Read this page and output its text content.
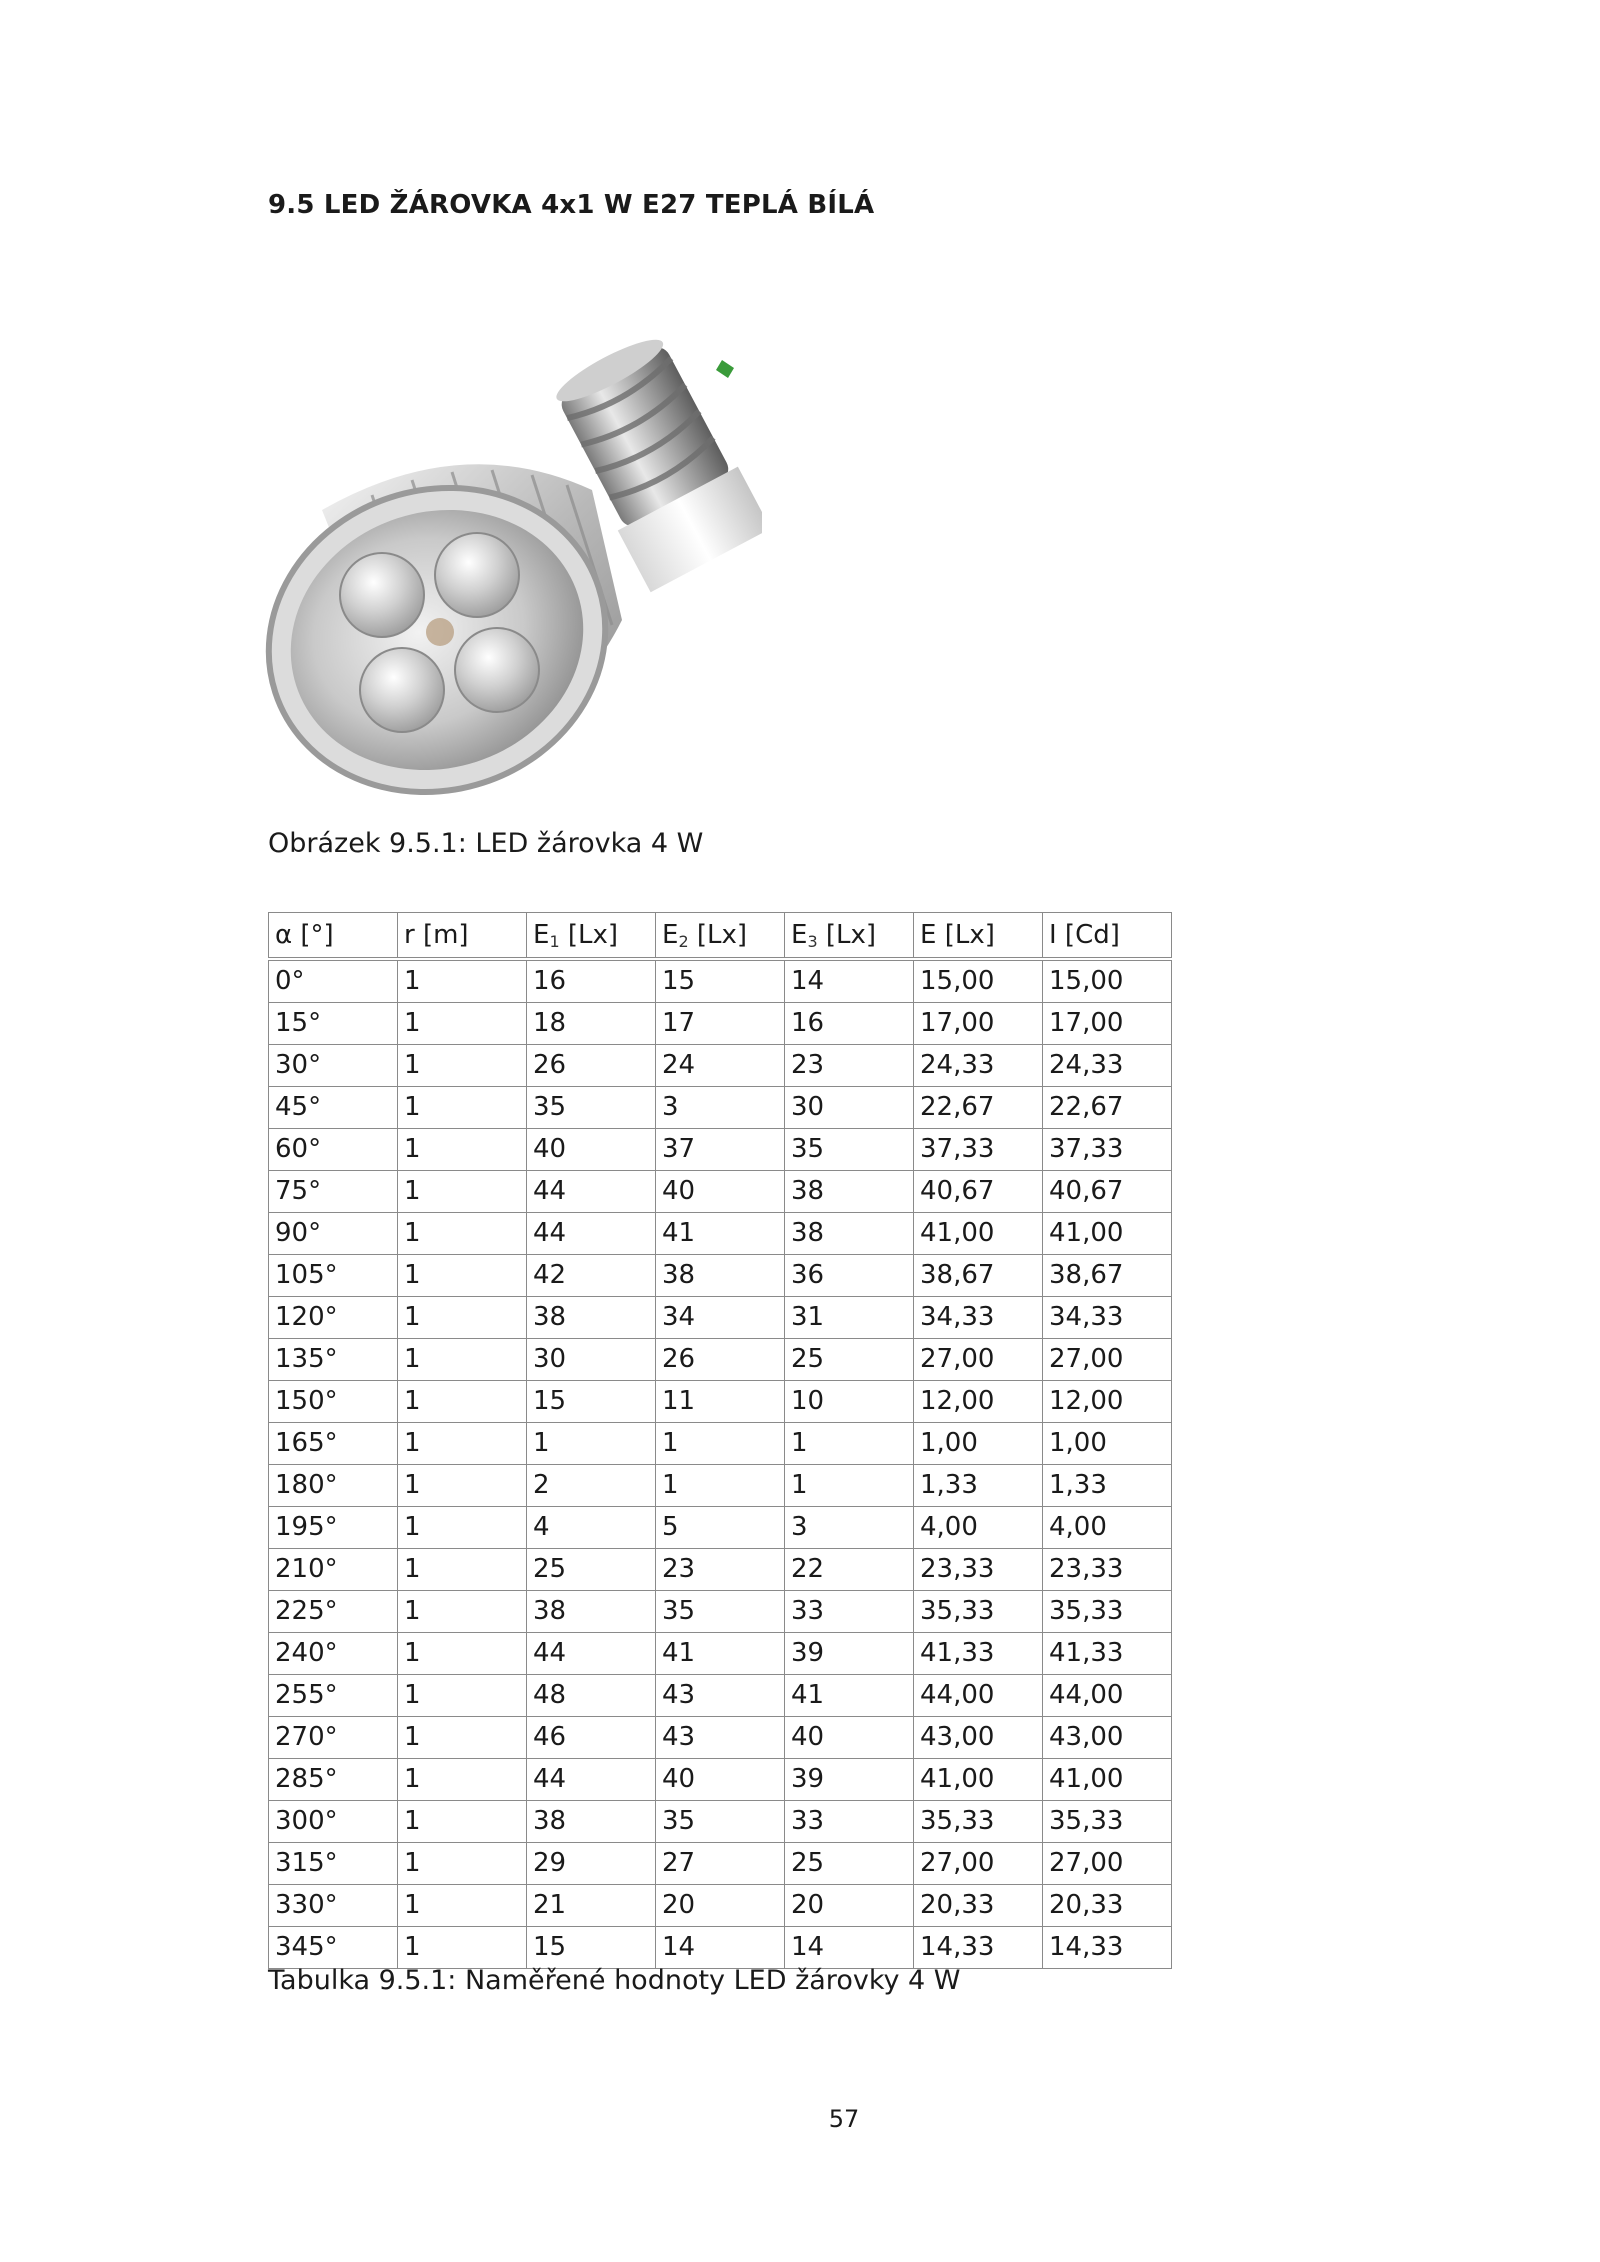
9.5 LED ŽÁROVKA 4x1 W E27 TEPLÁ BÍLÁ
Obrázek 9.5.1: LED žárovka 4 W
α [°]	r [m]	$E_1$ [Lx]	$E_2$ [Lx]	$E_3$ [Lx]	E [Lx]	I [Cd]
0°	1	16	15	14	15,00	15,00
15°	1	18	17	16	17,00	17,00
30°	1	26	24	23	24,33	24,33
45°	1	35	3	30	22,67	22,67
60°	1	40	37	35	37,33	37,33
75°	1	44	40	38	40,67	40,67
90°	1	44	41	38	41,00	41,00
105°	1	42	38	36	38,67	38,67
120°	1	38	34	31	34,33	34,33
135°	1	30	26	25	27,00	27,00
150°	1	15	11	10	12,00	12,00
165°	1	1	1	1	1,00	1,00
180°	1	2	1	1	1,33	1,33
195°	1	4	5	3	4,00	4,00
210°	1	25	23	22	23,33	23,33
225°	1	38	35	33	35,33	35,33
240°	1	44	41	39	41,33	41,33
255°	1	48	43	41	44,00	44,00
270°	1	46	43	40	43,00	43,00
285°	1	44	40	39	41,00	41,00
300°	1	38	35	33	35,33	35,33
315°	1	29	27	25	27,00	27,00
330°	1	21	20	20	20,33	20,33
345°	1	15	14	14	14,33	14,33
Tabulka 9.5.1: Naměřené hodnoty LED žárovky 4 W
57
